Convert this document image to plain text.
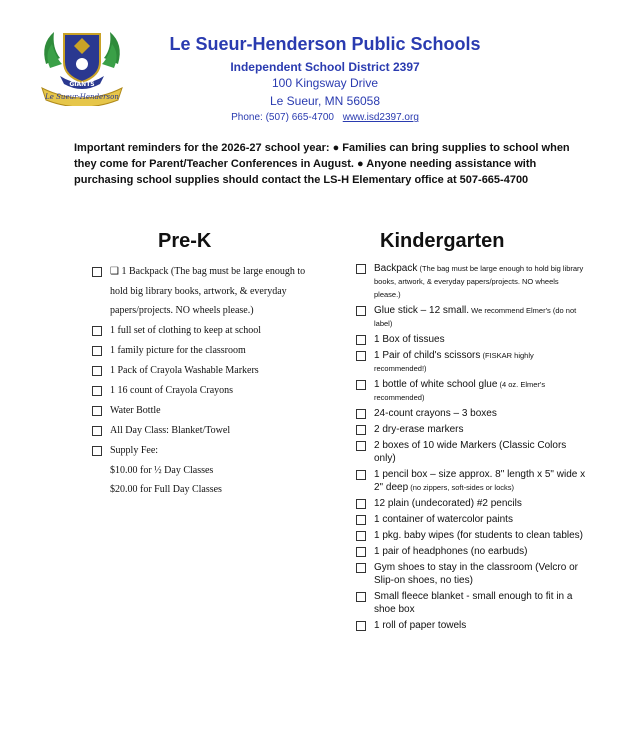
GIANTS
Le Sueur-Henderson
Le Sueur-Henderson Public Schools
Independent School District 2397
100 Kingsway Drive
Le Sueur, MN 56058
Phone: (507) 665-4700 www.isd2397.org
Important reminders for the 2026-27 school year: ● Families can bring supplies to school when they come for Parent/Teacher Conferences in August. ● Anyone needing assistance with purchasing school supplies should contact the LS-H Elementary office at 507-665-4700
Pre-K	Kindergarten
❑ 1 Backpack (The bag must be large enough to hold big library books, artwork, & everyday papers/projects. NO wheels please.)
1 full set of clothing to keep at school
1 family picture for the classroom
1 Pack of Crayola Washable Markers
1 16 count of Crayola Crayons
Water Bottle
All Day Class: Blanket/Towel
Supply Fee:
$10.00 for ½ Day Classes
$20.00 for Full Day Classes
Backpack (The bag must be large enough to hold big library books, artwork, & everyday papers/projects. NO wheels please.)
Glue stick – 12 small. We recommend Elmer's (do not label)
1 Box of tissues
1 Pair of child's scissors (FISKAR highly recommended!)
1 bottle of white school glue (4 oz. Elmer's recommended)
24-count crayons – 3 boxes
2 dry-erase markers
2 boxes of 10 wide Markers (Classic Colors only)
1 pencil box – size approx. 8" length x 5" wide x 2" deep (no zippers, soft-sides or locks)
12 plain (undecorated) #2 pencils
1 container of watercolor paints
1 pkg. baby wipes (for students to clean tables)
1 pair of headphones (no earbuds)
Gym shoes to stay in the classroom (Velcro or Slip-on shoes, no ties)
Small fleece blanket - small enough to fit in a shoe box
1 roll of paper towels
